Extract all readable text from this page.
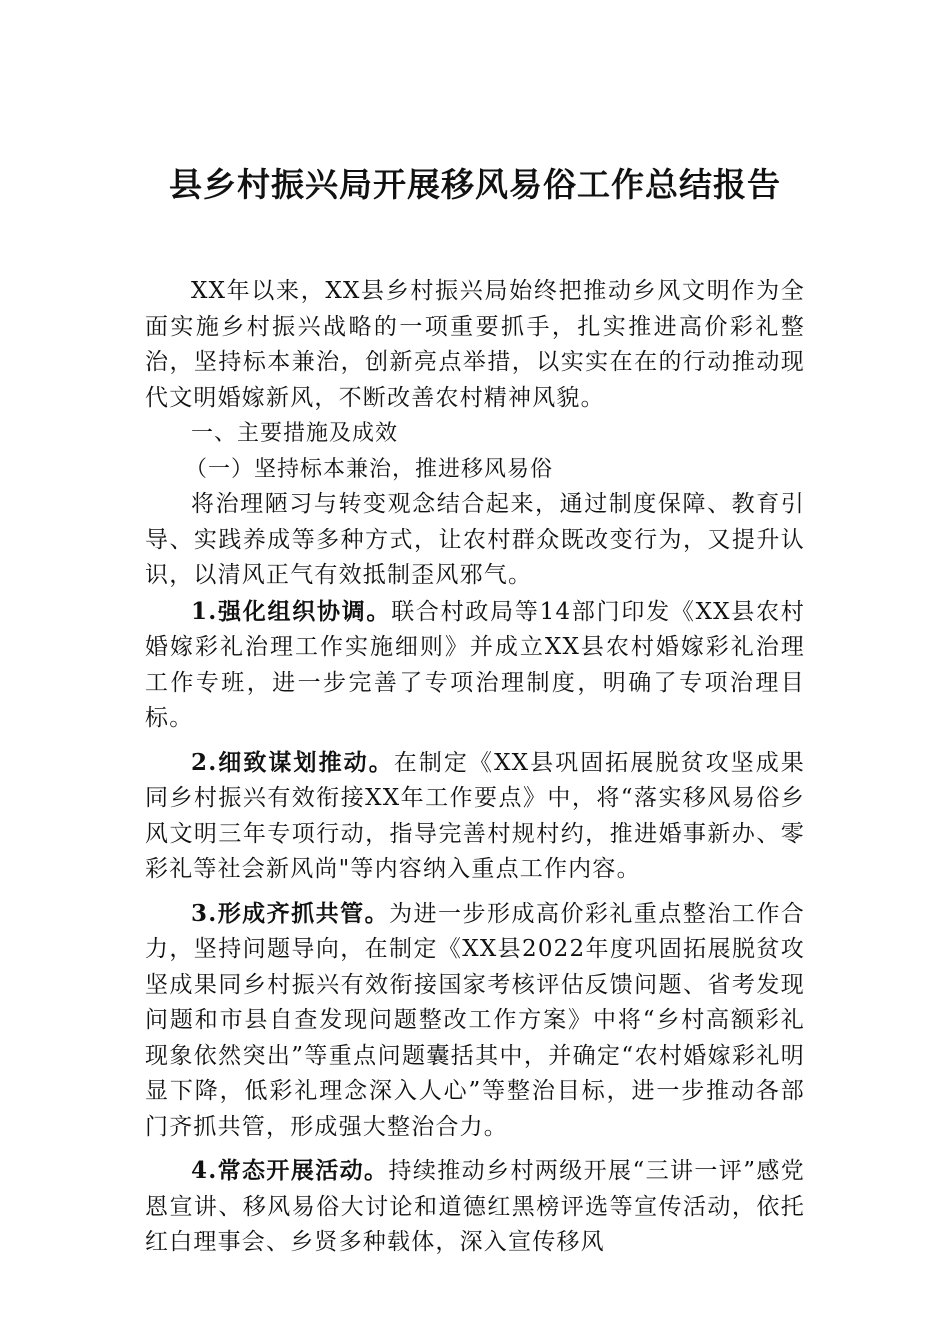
县乡村振兴局开展移风易俗工作总结报告

XX年以来，XX县乡村振兴局始终把推动乡风文明作为全面实施乡村振兴战略的一项重要抓手，扎实推进高价彩礼整治，坚持标本兼治，创新亮点举措，以实实在在的行动推动现代文明婚嫁新风，不断改善农村精神风貌。

一、主要措施及成效

（一）坚持标本兼治，推进移风易俗

将治理陋习与转变观念结合起来，通过制度保障、教育引导、实践养成等多种方式，让农村群众既改变行为，又提升认识，以清风正气有效抵制歪风邪气。

1.强化组织协调。联合村政局等14部门印发《XX县农村婚嫁彩礼治理工作实施细则》并成立XX县农村婚嫁彩礼治理工作专班，进一步完善了专项治理制度，明确了专项治理目标。

2.细致谋划推动。在制定《XX县巩固拓展脱贫攻坚成果同乡村振兴有效衔接XX年工作要点》中，将“落实移风易俗乡风文明三年专项行动，指导完善村规村约，推进婚事新办、零彩礼等社会新风尚"等内容纳入重点工作内容。

3.形成齐抓共管。为进一步形成高价彩礼重点整治工作合力，坚持问题导向，在制定《XX县2022年度巩固拓展脱贫攻坚成果同乡村振兴有效衔接国家考核评估反馈问题、省考发现问题和市县自查发现问题整改工作方案》中将“乡村高额彩礼现象依然突出”等重点问题囊括其中，并确定“农村婚嫁彩礼明显下降，低彩礼理念深入人心”等整治目标，进一步推动各部门齐抓共管，形成强大整治合力。

4.常态开展活动。持续推动乡村两级开展“三讲一评”感党恩宣讲、移风易俗大讨论和道德红黑榜评选等宣传活动，依托红白理事会、乡贤多种载体，深入宣传移风
